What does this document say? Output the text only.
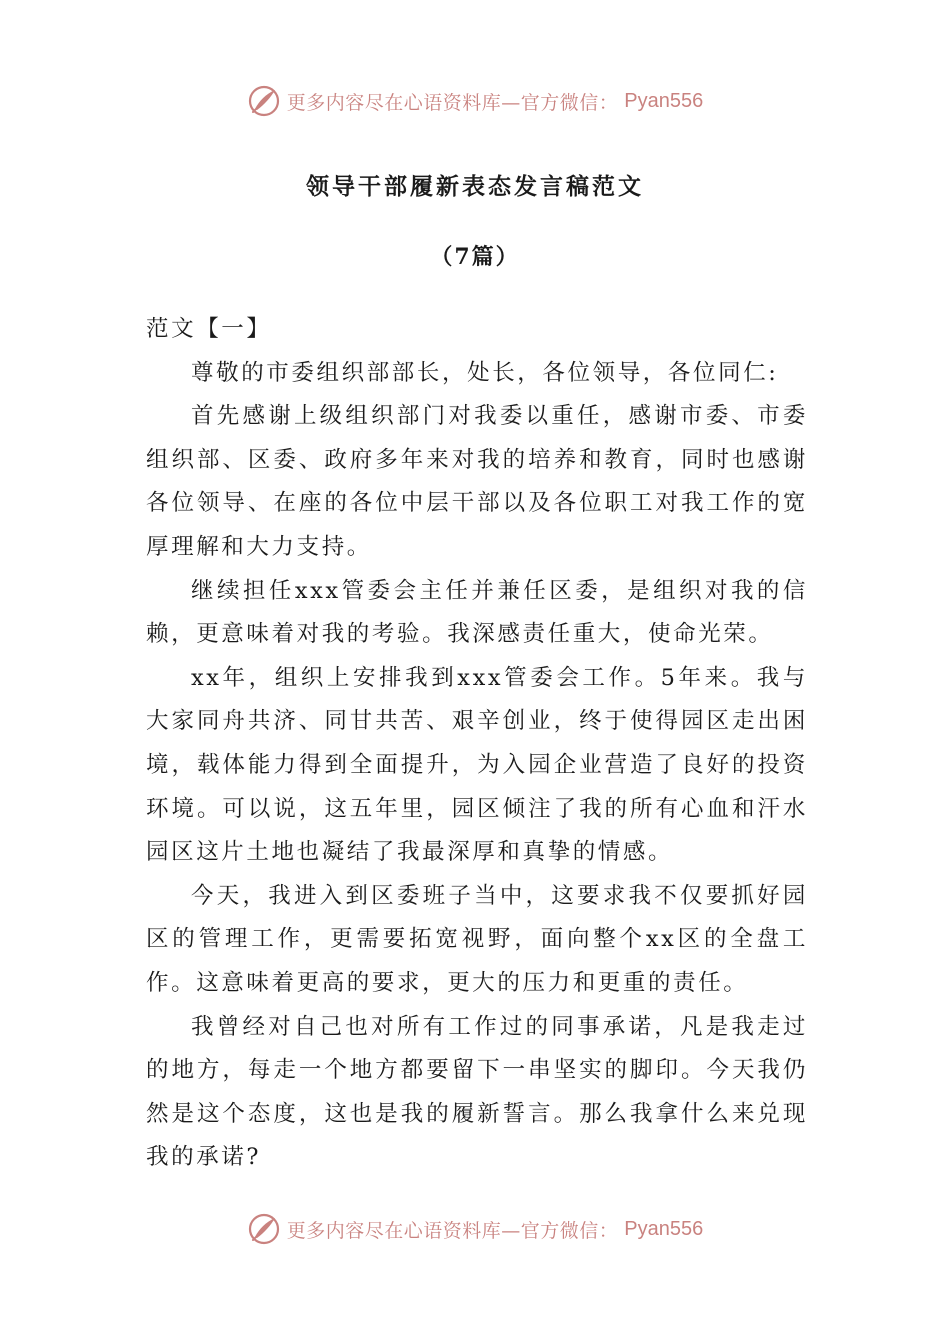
更多内容尽在心语资料库—官方微信： Pyan556
领导干部履新表态发言稿范文
（7篇）

范文【一】

尊敬的市委组织部部长，处长，各位领导，各位同仁:

首先感谢上级组织部门对我委以重任，感谢市委、市委组织部、区委、政府多年来对我的培养和教育，同时也感谢各位领导、在座的各位中层干部以及各位职工对我工作的宽厚理解和大力支持。

继续担任xxx管委会主任并兼任区委，是组织对我的信赖，更意味着对我的考验。我深感责任重大，使命光荣。

xx年，组织上安排我到xxx管委会工作。5年来。我与大家同舟共济、同甘共苦、艰辛创业，终于使得园区走出困境，载体能力得到全面提升，为入园企业营造了良好的投资环境。可以说，这五年里，园区倾注了我的所有心血和汗水园区这片土地也凝结了我最深厚和真挚的情感。

今天，我进入到区委班子当中，这要求我不仅要抓好园区的管理工作，更需要拓宽视野，面向整个xx区的全盘工作。这意味着更高的要求，更大的压力和更重的责任。

我曾经对自己也对所有工作过的同事承诺，凡是我走过的地方，每走一个地方都要留下一串坚实的脚印。今天我仍然是这个态度，这也是我的履新誓言。那么我拿什么来兑现我的承诺?

更多内容尽在心语资料库—官方微信： Pyan556
